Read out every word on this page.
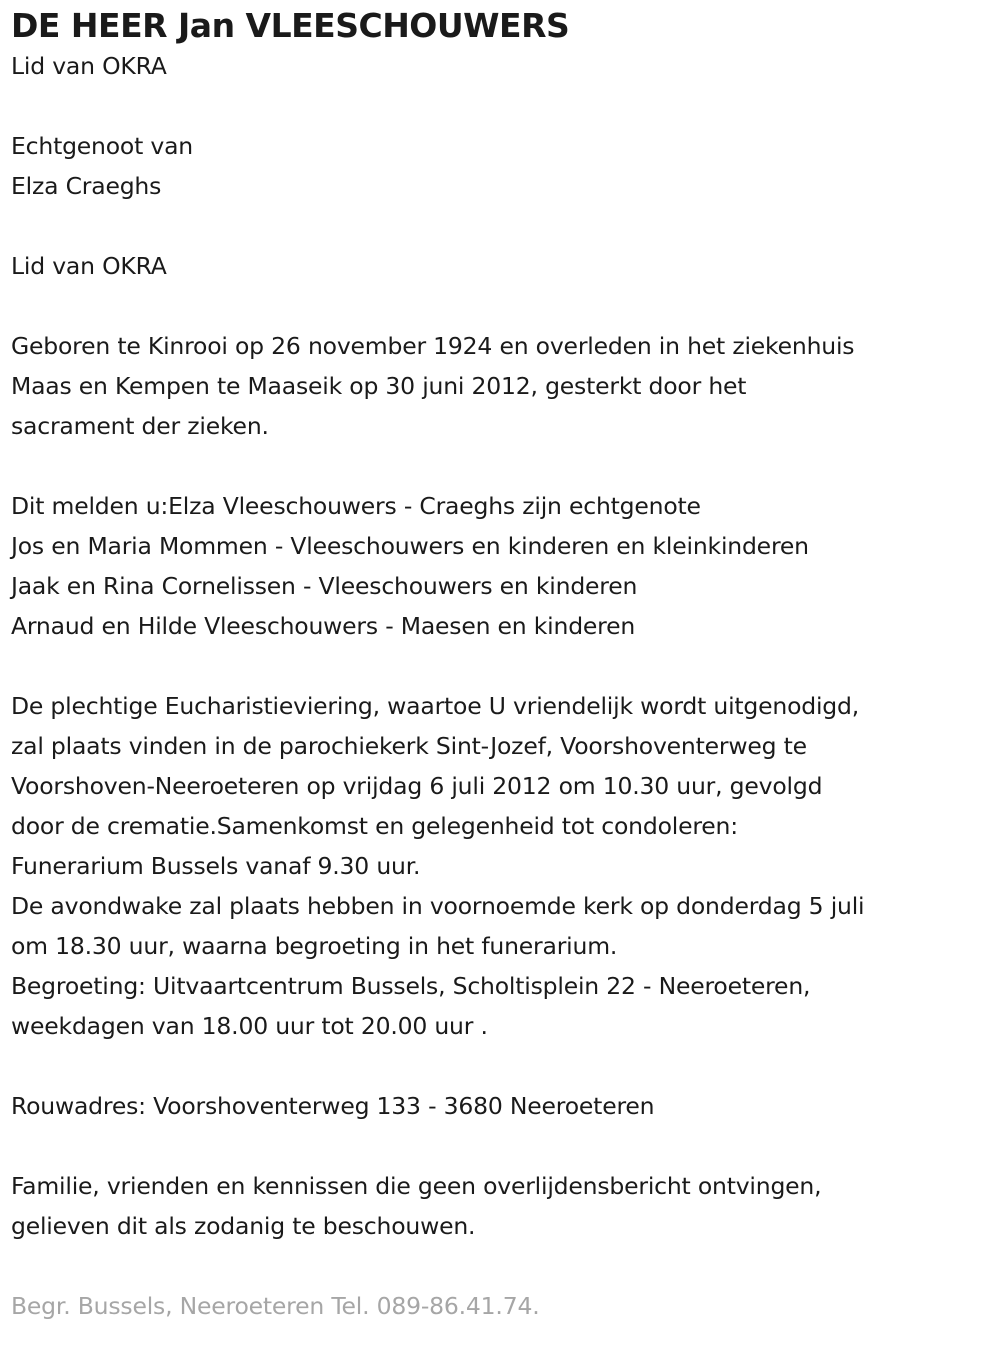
DE HEER Jan VLEESCHOUWERS
Lid van OKRA
Echtgenoot van
Elza Craeghs
Lid van OKRA
Geboren te Kinrooi op 26 november 1924 en overleden in het ziekenhuis
Maas en Kempen te Maaseik op 30 juni 2012, gesterkt door het
sacrament der zieken.
Dit melden u:Elza Vleeschouwers - Craeghs zijn echtgenote
Jos en Maria Mommen - Vleeschouwers en kinderen en kleinkinderen
Jaak en Rina Cornelissen - Vleeschouwers en kinderen
Arnaud en Hilde Vleeschouwers - Maesen en kinderen
De plechtige Eucharistieviering, waartoe U vriendelijk wordt uitgenodigd,
zal plaats vinden in de parochiekerk Sint-Jozef, Voorshoventerweg te
Voorshoven-Neeroeteren op vrijdag 6 juli 2012 om 10.30 uur, gevolgd
door de crematie.Samenkomst en gelegenheid tot condoleren:
Funerarium Bussels vanaf 9.30 uur.
De avondwake zal plaats hebben in voornoemde kerk op donderdag 5 juli
om 18.30 uur, waarna begroeting in het funerarium.
Begroeting: Uitvaartcentrum Bussels, Scholtisplein 22 - Neeroeteren,
weekdagen van 18.00 uur tot 20.00 uur .
Rouwadres: Voorshoventerweg 133 - 3680 Neeroeteren
Familie, vrienden en kennissen die geen overlijdensbericht ontvingen,
gelieven dit als zodanig te beschouwen.
Begr. Bussels, Neeroeteren Tel. 089-86.41.74.
